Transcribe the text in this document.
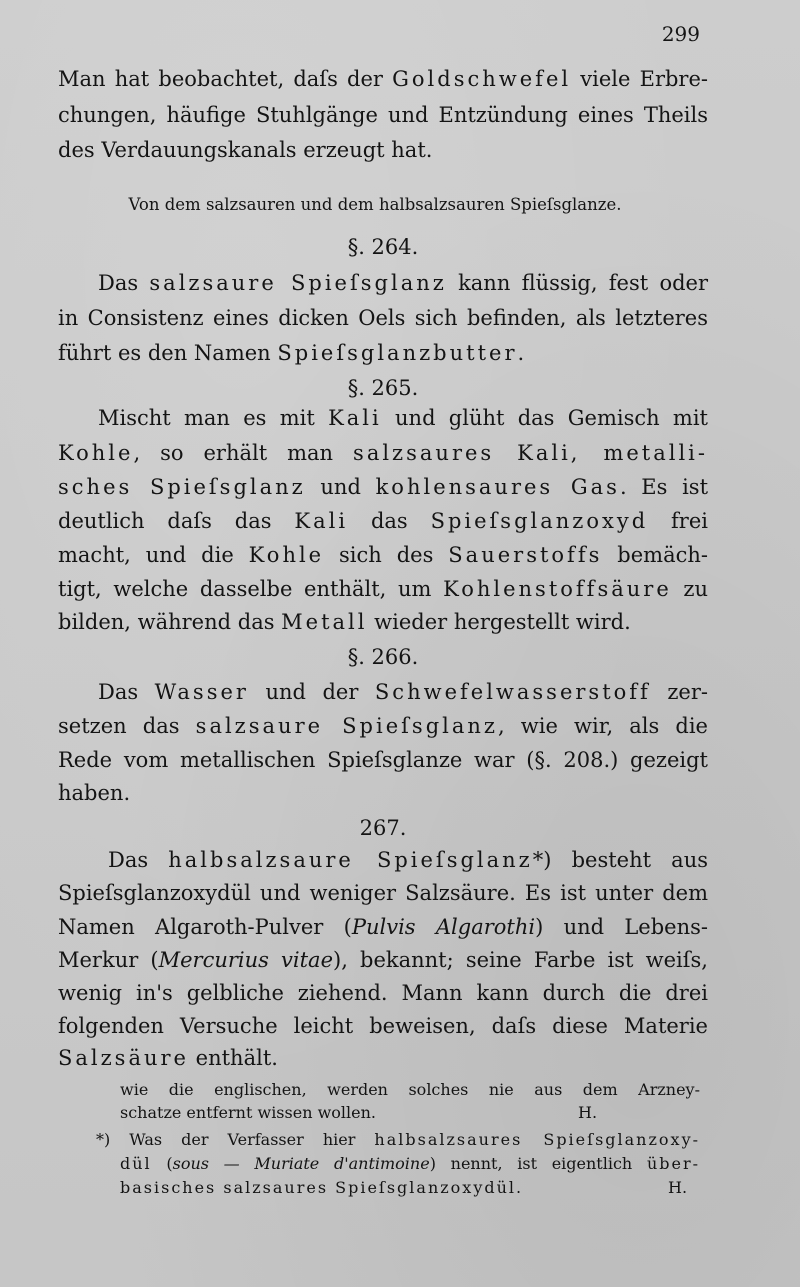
299
Man hat beobachtet, daſs der Goldschwefel viele Erbre-
chungen, häufige Stuhlgänge und Entzündung eines Theils
des Verdauungskanals erzeugt hat.
Von dem salzsauren und dem halbsalzsauren Spieſsglanze.
§. 264.
Das salzsaure Spieſsglanz kann flüssig, fest oder
in Consistenz eines dicken Oels sich befinden, als letzteres
führt es den Namen Spieſsglanzbutter.
§. 265.
Mischt man es mit Kali und glüht das Gemisch mit
Kohle, so erhält man salzsaures Kali, metalli-
sches Spieſsglanz und kohlensaures Gas. Es ist
deutlich daſs das Kali das Spieſsglanzoxyd frei
macht, und die Kohle sich des Sauerstoffs bemäch-
tigt, welche dasselbe enthält, um Kohlenstoffsäure zu
bilden, während das Metall wieder hergestellt wird.
§. 266.
Das Wasser und der Schwefelwasserstoff zer-
setzen das salzsaure Spieſsglanz, wie wir, als die
Rede vom metallischen Spieſsglanze war (§. 208.) gezeigt
haben.
267.
Das halbsalzsaure Spieſsglanz*) besteht aus
Spieſsglanzoxydül und weniger Salzsäure. Es ist unter dem
Namen Algaroth-Pulver (Pulvis Algarothi) und Lebens-
Merkur (Mercurius vitae), bekannt; seine Farbe ist weiſs,
wenig in's gelbliche ziehend. Mann kann durch die drei
folgenden Versuche leicht beweisen, daſs diese Materie
Salzsäure enthält.
wie die englischen, werden solches nie aus dem Arzney-
schatze entfernt wissen wollen.	H.
*) Was der Verfasser hier halbsalzsaures Spieſsglanzoxy-
dül (sous — Muriate d'antimoine) nennt, ist eigentlich über-
basisches salzsaures Spieſsglanzoxydül.	H.
